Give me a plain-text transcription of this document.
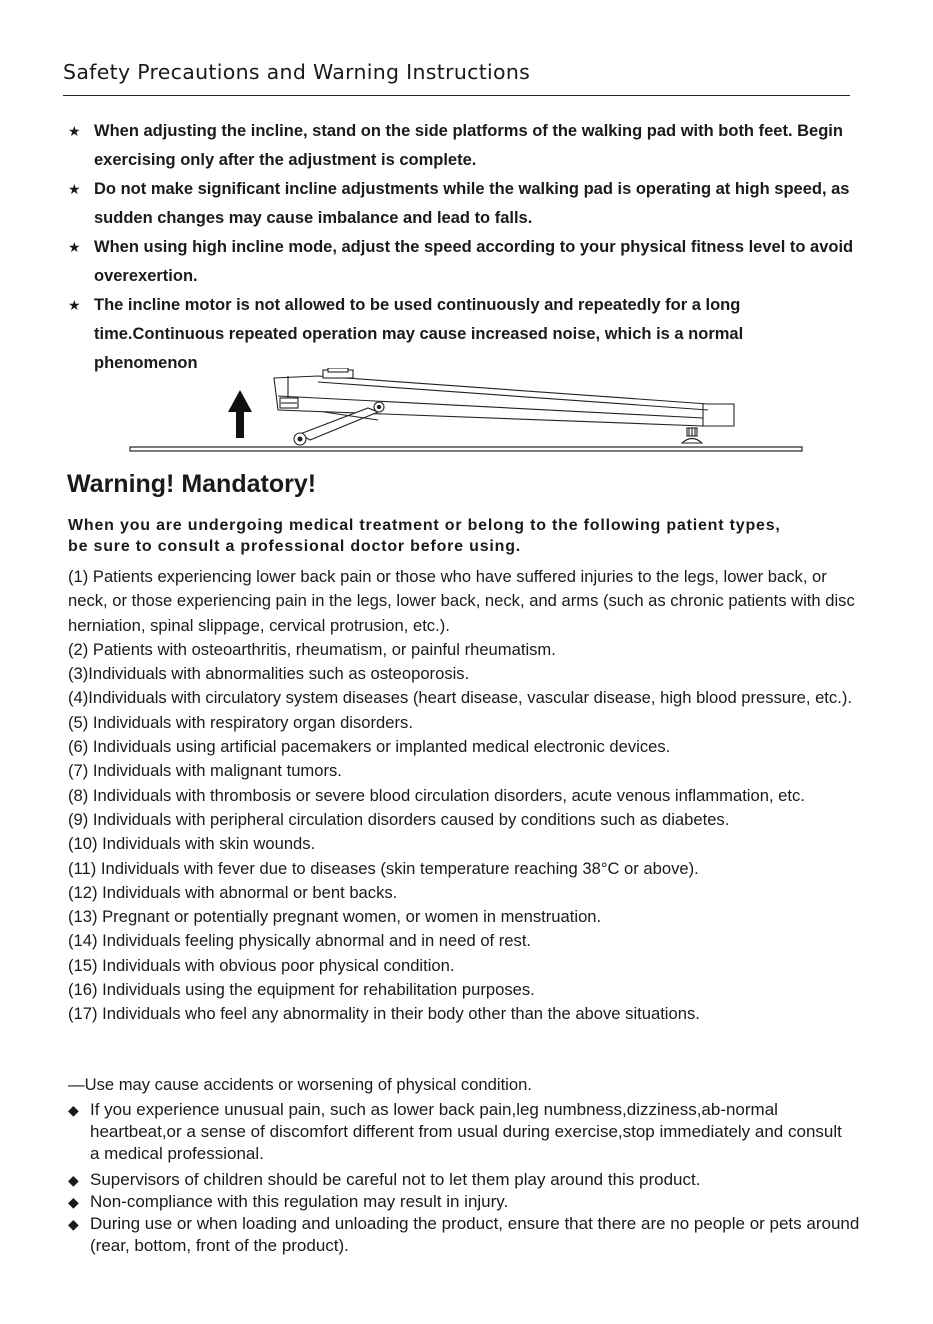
Safety Precautions and Warning Instructions
★ When adjusting the incline, stand on the side platforms of the walking pad with both feet. Begin exercising only after the adjustment is complete.
★ Do not make significant incline adjustments while the walking pad is operating at high speed, as sudden changes may cause imbalance and lead to falls.
★ When using high incline mode, adjust the speed according to your physical fitness level to avoid overexertion.
★ The incline motor is not allowed to be used continuously and repeatedly for a long time.Continuous repeated operation may cause increased noise, which is a normal phenomenon
Warning! Mandatory!
When you are undergoing medical treatment or belong to the following patient types,
be sure to consult a professional doctor before using.
(1) Patients experiencing lower back pain or those who have suffered injuries to the legs, lower back, or neck, or those experiencing pain in the legs, lower back, neck, and arms (such as chronic patients with disc herniation, spinal slippage, cervical protrusion, etc.).
(2) Patients with osteoarthritis, rheumatism, or painful rheumatism.
(3)Individuals with abnormalities such as osteoporosis.
(4)Individuals with circulatory system diseases (heart disease, vascular disease, high blood pressure, etc.).
(5) Individuals with respiratory organ disorders.
(6) Individuals using artificial pacemakers or implanted medical electronic devices.
(7) Individuals with malignant tumors.
(8) Individuals with thrombosis or severe blood circulation disorders, acute venous inflammation, etc.
(9) Individuals with peripheral circulation disorders caused by conditions such as diabetes.
(10) Individuals with skin wounds.
(11) Individuals with fever due to diseases (skin temperature reaching 38°C or above).
(12) Individuals with abnormal or bent backs.
(13) Pregnant or potentially pregnant women, or women in menstruation.
(14) Individuals feeling physically abnormal and in need of rest.
(15) Individuals with obvious poor physical condition.
(16) Individuals using the equipment for rehabilitation purposes.
(17) Individuals who feel any abnormality in their body other than the above situations.
—Use may cause accidents or worsening of physical condition.
◆ If you experience unusual pain, such as lower back pain,leg numbness,dizziness,ab-normal heartbeat,or a sense of discomfort different from usual during exercise,stop immediately and consult a medical professional.
◆ Supervisors of children should be careful not to let them play around this product.
◆ Non-compliance with this regulation may result in injury.
◆ During use or when loading and unloading the product, ensure that there are no people or pets around (rear, bottom, front of the product).
